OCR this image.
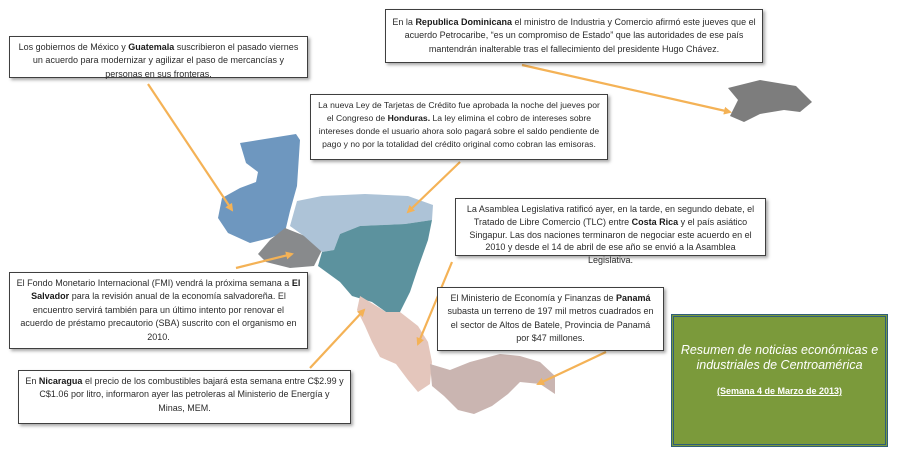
En la Republica Dominicana el ministro de Industria y Comercio afirmó este jueves que el acuerdo Petrocaribe, “es un compromiso de Estado” que las autoridades de ese país mantendrán inalterable tras el fallecimiento del presidente Hugo Chávez.
Los gobiernos de México y Guatemala suscribieron el pasado viernes un acuerdo para modernizar y agilizar el paso de mercancías y personas en sus fronteras.
La nueva Ley de Tarjetas de Crédito fue aprobada la noche del jueves por el Congreso de Honduras. La ley elimina el cobro de intereses sobre intereses donde el usuario ahora solo pagará sobre el saldo pendiente de pago y no por la totalidad del crédito original como cobran las emisoras.
La Asamblea Legislativa ratificó ayer, en la tarde, en segundo debate, el Tratado de Libre Comercio (TLC) entre Costa Rica y el país asiático Singapur. Las dos naciones terminaron de negociar este acuerdo en el 2010 y desde el 14 de abril de ese año se envió a la Asamblea Legislativa.
El Fondo Monetario Internacional (FMI) vendrá la próxima semana a El Salvador para la revisión anual de la economía salvadoreña. El encuentro servirá también para un último intento por renovar el acuerdo de préstamo precautorio (SBA) suscrito con el organismo en 2010.
El Ministerio de Economía y Finanzas de Panamá subasta un terreno de 197 mil metros cuadrados en el sector de Altos de Batele, Provincia de Panamá por $47 millones.
En Nicaragua el precio de los combustibles bajará esta semana entre C$2.99 y C$1.06 por litro, informaron ayer las petroleras al Ministerio de Energía y Minas, MEM.
Resumen de noticias económicas e industriales de Centroamérica
(Semana 4 de Marzo de 2013)
